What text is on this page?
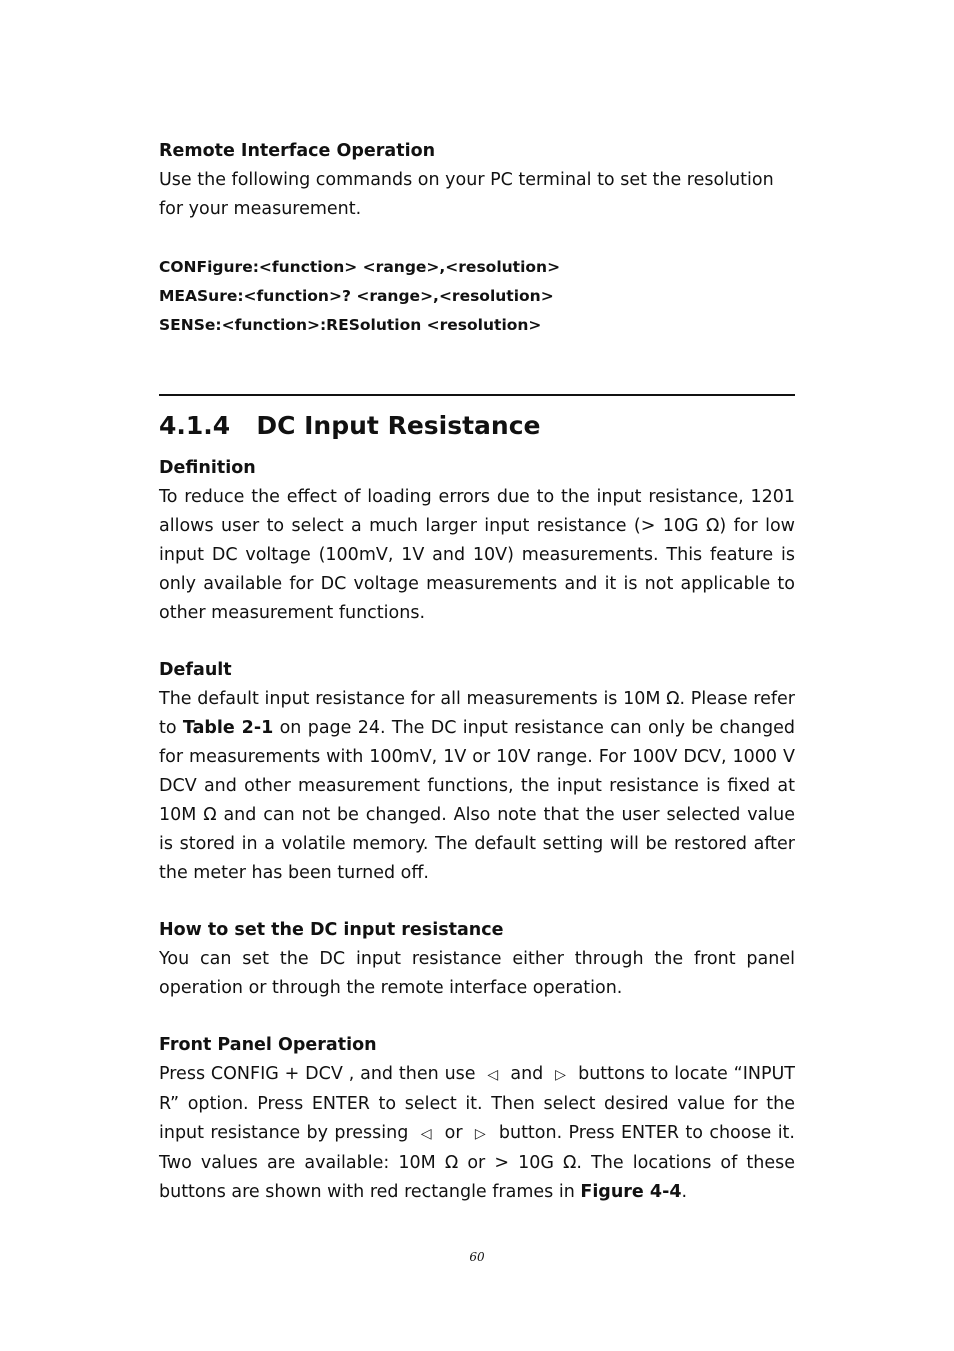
Remote Interface Operation

Use the following commands on your PC terminal to set the resolution for your measurement.

CONFigure:<function> <range>,<resolution>

MEASure:<function>? <range>,<resolution>

SENSe:<function>:RESolution <resolution>

4.1.4 DC Input Resistance

Definition

To reduce the effect of loading errors due to the input resistance, 1201 allows user to select a much larger input resistance (> 10G Ω) for low input DC voltage (100mV, 1V and 10V) measurements. This feature is only available for DC voltage measurements and it is not applicable to other measurement functions.

Default

The default input resistance for all measurements is 10M Ω. Please refer to Table 2-1 on page 24. The DC input resistance can only be changed for measurements with 100mV, 1V or 10V range. For 100V DCV, 1000 V DCV and other measurement functions, the input resistance is fixed at 10M Ω and can not be changed. Also note that the user selected value is stored in a volatile memory. The default setting will be restored after the meter has been turned off.

How to set the DC input resistance

You can set the DC input resistance either through the front panel operation or through the remote interface operation.

Front Panel Operation

Press CONFIG + DCV , and then use ◁ and ▷ buttons to locate “INPUT R” option. Press ENTER to select it. Then select desired value for the input resistance by pressing ◁ or ▷ button. Press ENTER to choose it. Two values are available: 10M Ω or > 10G Ω. The locations of these buttons are shown with red rectangle frames in Figure 4-4.

60
